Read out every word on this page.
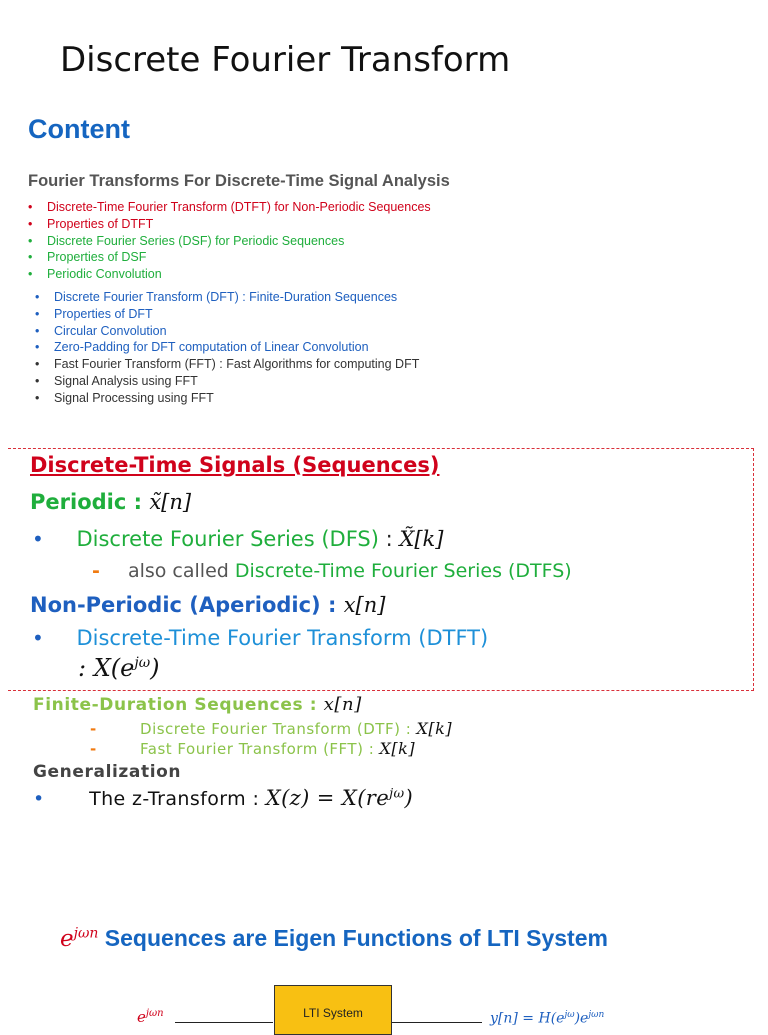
Discrete Fourier Transform
Content
Fourier Transforms For Discrete-Time Signal Analysis
• Discrete-Time Fourier Transform (DTFT) for Non-Periodic Sequences
• Properties of DTFT
• Discrete Fourier Series (DSF) for Periodic Sequences
• Properties of DSF
• Periodic Convolution
• Discrete Fourier Transform (DFT) : Finite-Duration Sequences
• Properties of DFT
• Circular Convolution
• Zero-Padding for DFT computation of Linear Convolution
• Fast Fourier Transform (FFT) : Fast Algorithms for computing DFT
• Signal Analysis using FFT
• Signal Processing using FFT
Discrete-Time Signals (Sequences)
Periodic : x̃[n]
• Discrete Fourier Series (DFS) : X̃[k]
- also called Discrete-Time Fourier Series (DTFS)
Non-Periodic (Aperiodic) : x[n]
• Discrete-Time Fourier Transform (DTFT)
: $X(e^{j\omega})$
Finite-Duration Sequences : x[n]
-	Discrete Fourier Transform (DTF) : X[k]
-	Fast Fourier Transform (FFT) : X[k]
Generalization
• The z-Transform : $X(z) = X(re^{j\omega})$
$e^{j\omega n}$ Sequences are Eigen Functions of LTI System
$e^{j\omega n}$	LTI System	$y[n] = H(e^{j\omega})e^{j\omega n}$
